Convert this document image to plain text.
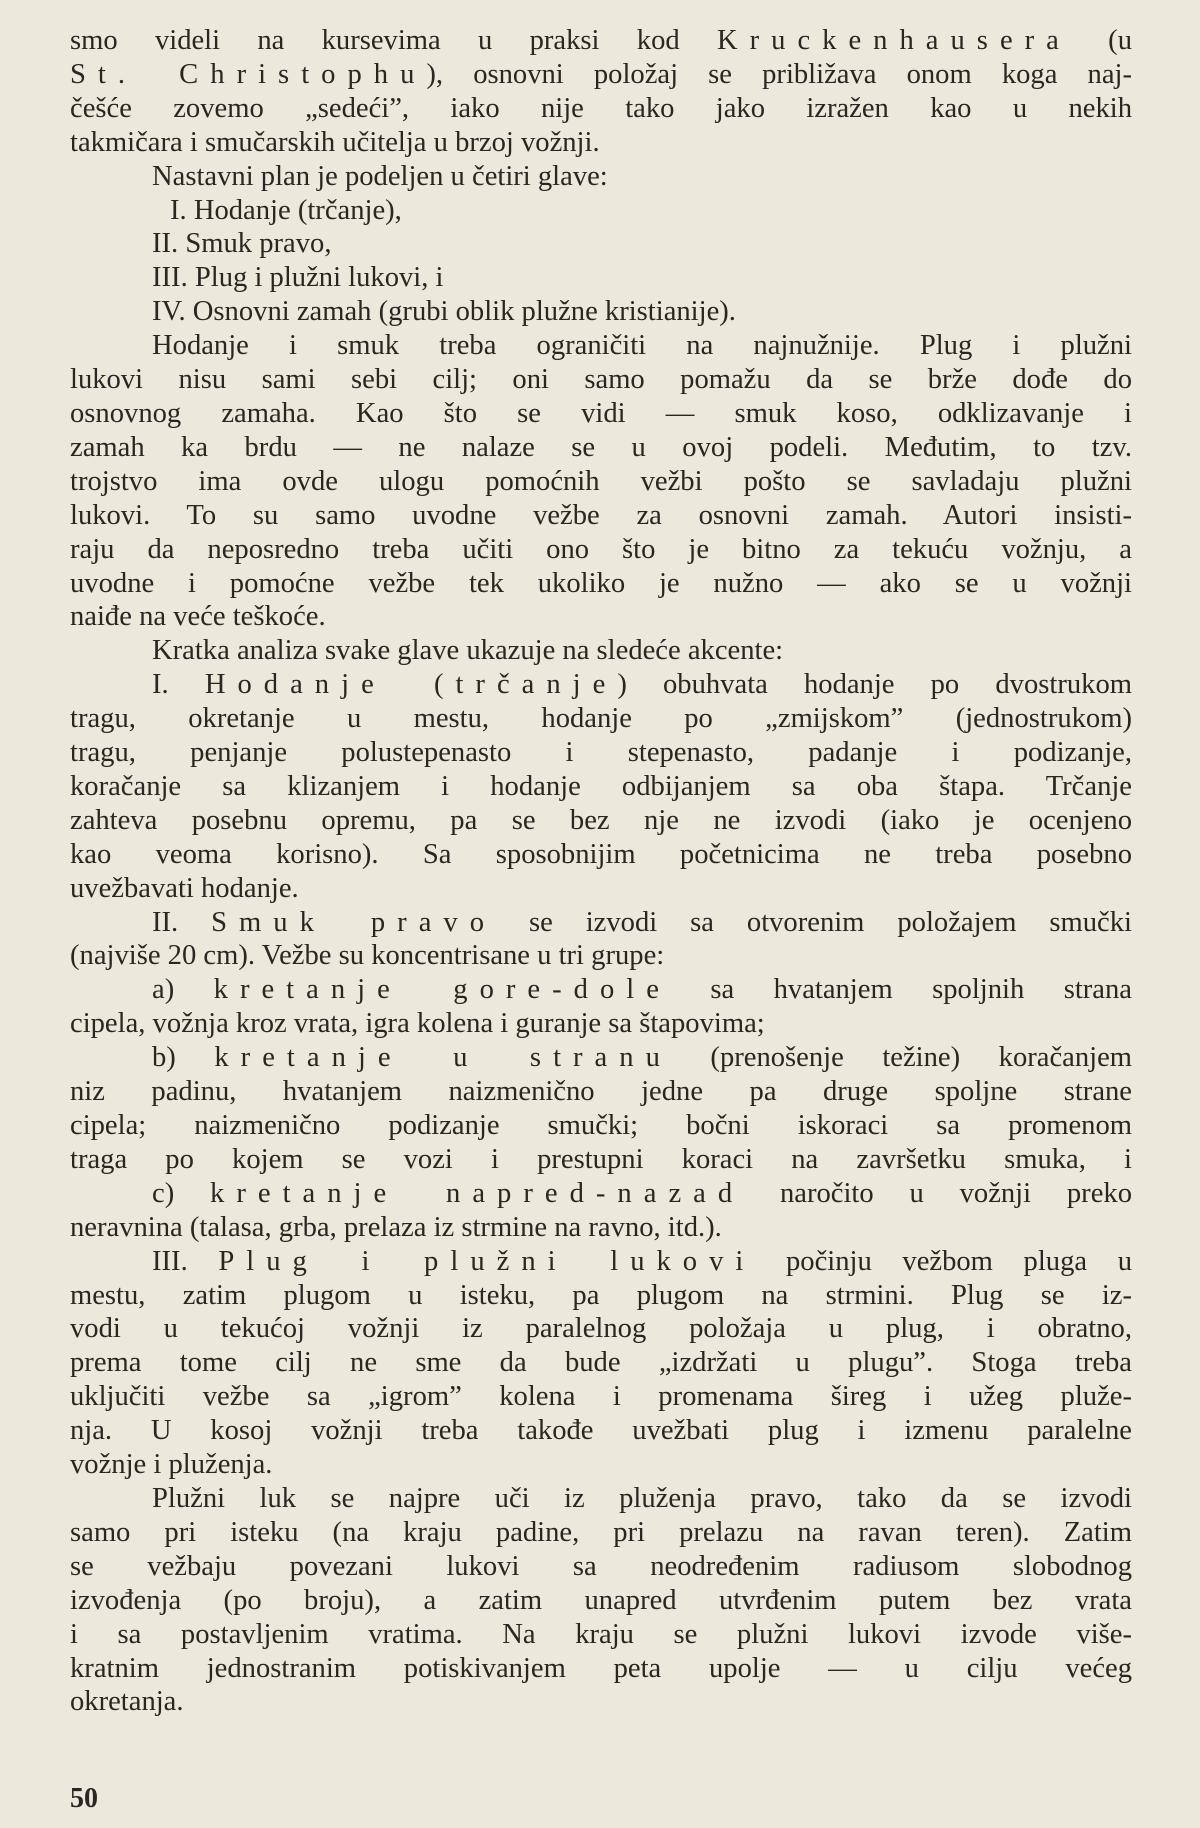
smo videli na kursevima u praksi kod Kruckenhausera (u
St. Christophu), osnovni položaj se približava onom koga naj-
češće zovemo „sedeći”, iako nije tako jako izražen kao u nekih
takmičara i smučarskih učitelja u brzoj vožnji.
Nastavni plan je podeljen u četiri glave:
I. Hodanje (trčanje),
II. Smuk pravo,
III. Plug i plužni lukovi, i
IV. Osnovni zamah (grubi oblik plužne kristianije).
Hodanje i smuk treba ograničiti na najnužnije. Plug i plužni
lukovi nisu sami sebi cilj; oni samo pomažu da se brže dođe do
osnovnog zamaha. Kao što se vidi — smuk koso, odklizavanje i
zamah ka brdu — ne nalaze se u ovoj podeli. Međutim, to tzv.
trojstvo ima ovde ulogu pomoćnih vežbi pošto se savladaju plužni
lukovi. To su samo uvodne vežbe za osnovni zamah. Autori insisti-
raju da neposredno treba učiti ono što je bitno za tekuću vožnju, a
uvodne i pomoćne vežbe tek ukoliko je nužno — ako se u vožnji
naiđe na veće teškoće.
Kratka analiza svake glave ukazuje na sledeće akcente:
I. Hodanje (trčanje) obuhvata hodanje po dvostrukom
tragu, okretanje u mestu, hodanje po „zmijskom” (jednostrukom)
tragu, penjanje polustepenasto i stepenasto, padanje i podizanje,
koračanje sa klizanjem i hodanje odbijanjem sa oba štapa. Trčanje
zahteva posebnu opremu, pa se bez nje ne izvodi (iako je ocenjeno
kao veoma korisno). Sa sposobnijim početnicima ne treba posebno
uvežbavati hodanje.
II. Smuk pravo se izvodi sa otvorenim položajem smučki
(najviše 20 cm). Vežbe su koncentrisane u tri grupe:
a) kretanje gore-dole sa hvatanjem spoljnih strana
cipela, vožnja kroz vrata, igra kolena i guranje sa štapovima;
b) kretanje u stranu (prenošenje težine) koračanjem
niz padinu, hvatanjem naizmenično jedne pa druge spoljne strane
cipela; naizmenično podizanje smučki; bočni iskoraci sa promenom
traga po kojem se vozi i prestupni koraci na završetku smuka, i
c) kretanje napred-nazad naročito u vožnji preko
neravnina (talasa, grba, prelaza iz strmine na ravno, itd.).
III. Plug i plužni lukovi počinju vežbom pluga u
mestu, zatim plugom u isteku, pa plugom na strmini. Plug se iz-
vodi u tekućoj vožnji iz paralelnog položaja u plug, i obratno,
prema tome cilj ne sme da bude „izdržati u plugu”. Stoga treba
uključiti vežbe sa „igrom” kolena i promenama šireg i užeg pluže-
nja. U kosoj vožnji treba takođe uvežbati plug i izmenu paralelne
vožnje i pluženja.
Plužni luk se najpre uči iz pluženja pravo, tako da se izvodi
samo pri isteku (na kraju padine, pri prelazu na ravan teren). Zatim
se vežbaju povezani lukovi sa neodređenim radiusom slobodnog
izvođenja (po broju), a zatim unapred utvrđenim putem bez vrata
i sa postavljenim vratima. Na kraju se plužni lukovi izvode više-
kratnim jednostranim potiskivanjem peta upolje — u cilju većeg
okretanja.
50
